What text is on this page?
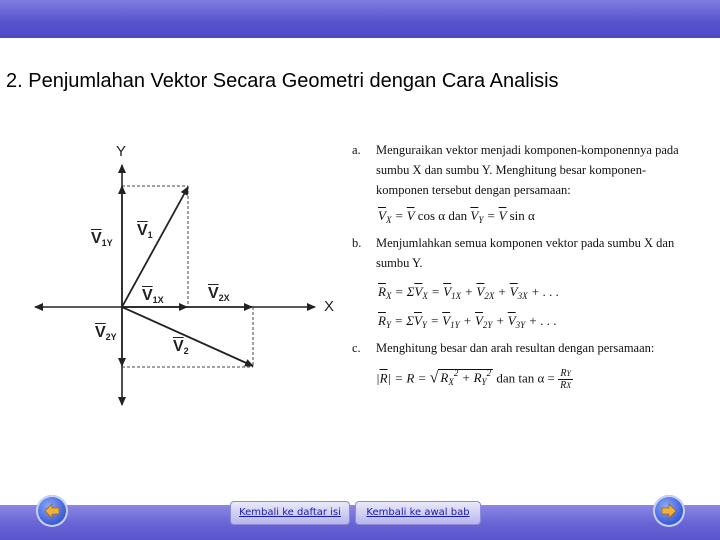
2. Penjumlahan Vektor Secara Geometri dengan Cara Analisis
Y
X
$\overline{V}_1$
$\overline{V}_{1Y}$
$\overline{V}_{1X}$	$\overline{V}_{2X}$
$\overline{V}_{2Y}$
$\overline{V}_2$
a. Menguraikan vektor menjadi komponen-komponennya pada
sumbu X dan sumbu Y. Menghitung besar komponen-
komponen tersebut dengan persamaan:
$\overline{V}_X = \overline{V}$ cos α dan $\overline{V}_Y = \overline{V}$ sin α
b. Menjumlahkan semua komponen vektor pada sumbu X dan
sumbu Y.
$\overline{R}_X = \Sigma\overline{V}_X = \overline{V}_{1X} + \overline{V}_{2X} + \overline{V}_{3X}$ + . . .
$\overline{R}_Y = \Sigma\overline{V}_Y = \overline{V}_{1Y} + \overline{V}_{2Y} + \overline{V}_{3Y}$ + . . .
c. Menghitung besar dan arah resultan dengan persamaan:
$|\overline{R}| = R$ = √ $R_X^2 + R_Y^2$ dan $\tan \alpha = \frac{RY}{RX}$
Kembali ke daftar isi	Kembali ke awal bab
